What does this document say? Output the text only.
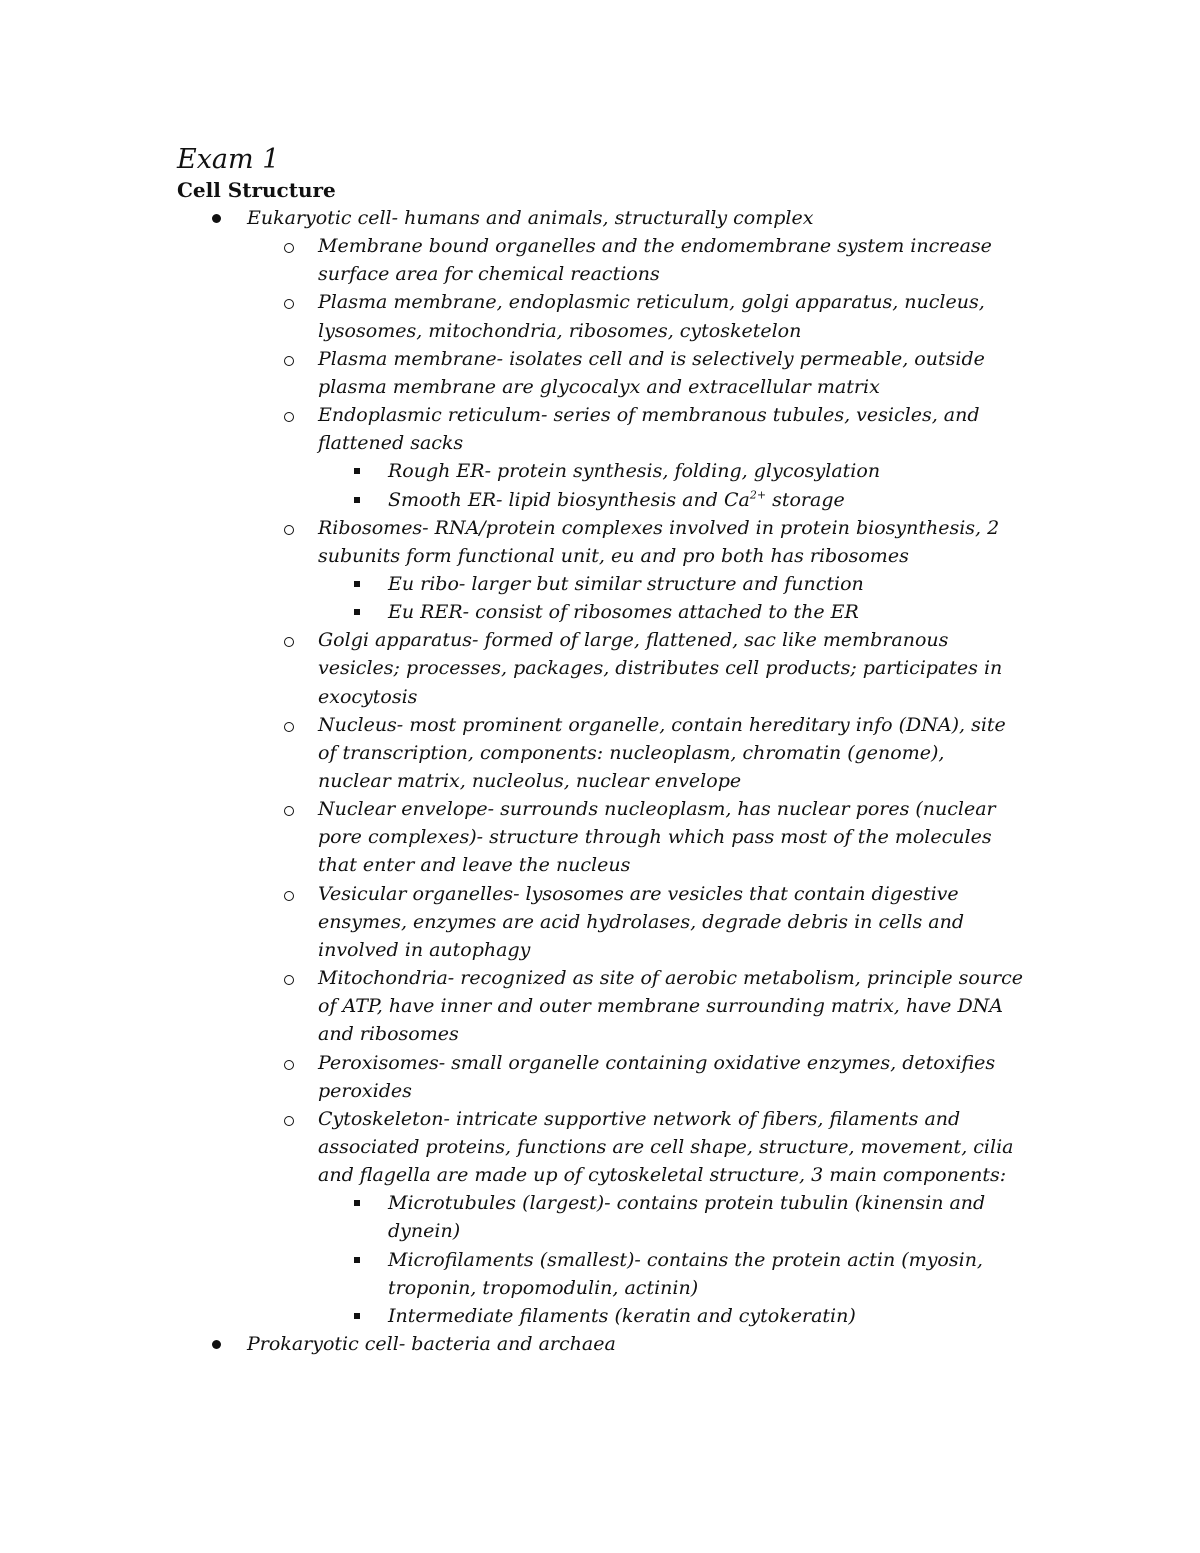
Exam 1
Cell Structure
Eukaryotic cell- humans and animals, structurally complex
Membrane bound organelles and the endomembrane system increase
surface area for chemical reactions
Plasma membrane, endoplasmic reticulum, golgi apparatus, nucleus,
lysosomes, mitochondria, ribosomes, cytosketelon
Plasma membrane- isolates cell and is selectively permeable, outside
plasma membrane are glycocalyx and extracellular matrix
Endoplasmic reticulum- series of membranous tubules, vesicles, and
flattened sacks
Rough ER- protein synthesis, folding, glycosylation
Smooth ER- lipid biosynthesis and $Ca^{2+}$ storage
Ribosomes- RNA/protein complexes involved in protein biosynthesis, 2
subunits form functional unit, eu and pro both has ribosomes
Eu ribo- larger but similar structure and function
Eu RER- consist of ribosomes attached to the ER
Golgi apparatus- formed of large, flattened, sac like membranous
vesicles; processes, packages, distributes cell products; participates in
exocytosis
Nucleus- most prominent organelle, contain hereditary info (DNA), site
of transcription, components: nucleoplasm, chromatin (genome),
nuclear matrix, nucleolus, nuclear envelope
Nuclear envelope- surrounds nucleoplasm, has nuclear pores (nuclear
pore complexes)- structure through which pass most of the molecules
that enter and leave the nucleus
Vesicular organelles- lysosomes are vesicles that contain digestive
ensymes, enzymes are acid hydrolases, degrade debris in cells and
involved in autophagy
Mitochondria- recognized as site of aerobic metabolism, principle source
of ATP, have inner and outer membrane surrounding matrix, have DNA
and ribosomes
Peroxisomes- small organelle containing oxidative enzymes, detoxifies
peroxides
Cytoskeleton- intricate supportive network of fibers, filaments and
associated proteins, functions are cell shape, structure, movement, cilia
and flagella are made up of cytoskeletal structure, 3 main components:
Microtubules (largest)- contains protein tubulin (kinensin and
dynein)
Microfilaments (smallest)- contains the protein actin (myosin,
troponin, tropomodulin, actinin)
Intermediate filaments (keratin and cytokeratin)
Prokaryotic cell- bacteria and archaea
